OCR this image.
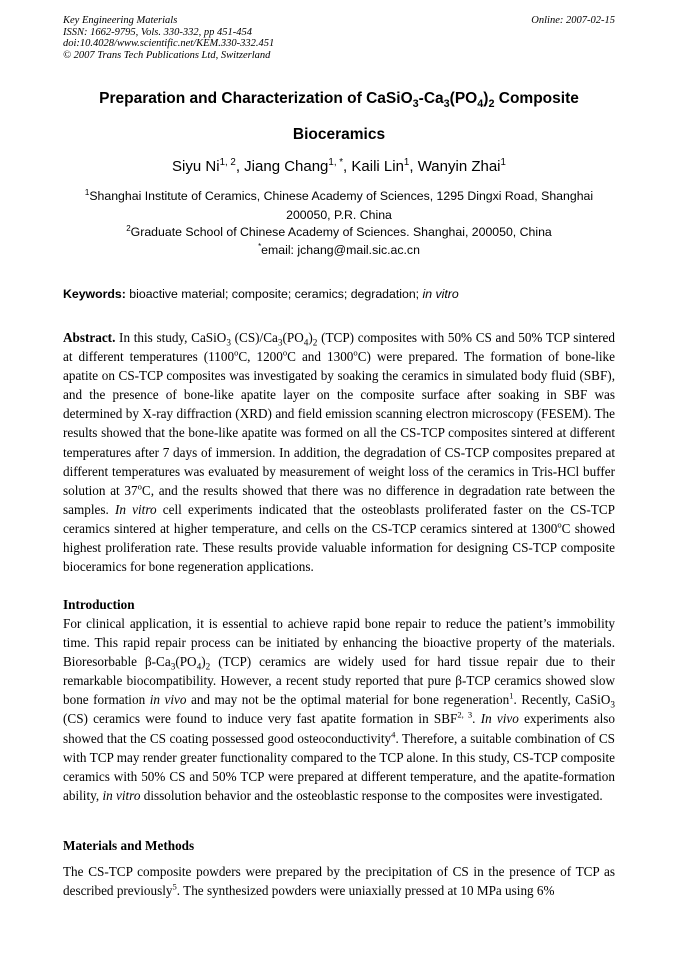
Key Engineering Materials
ISSN: 1662-9795, Vols. 330-332, pp 451-454
doi:10.4028/www.scientific.net/KEM.330-332.451
© 2007 Trans Tech Publications Ltd, Switzerland
Online: 2007-02-15
Preparation and Characterization of $CaSiO_3-Ca_3(PO_4)_2$ Composite
Bioceramics
Siyu Ni$^{1, 2}$, Jiang Chang$^{1, *}$, Kaili Lin$^1$, Wanyin Zhai$^1$
$^1$Shanghai Institute of Ceramics, Chinese Academy of Sciences, 1295 Dingxi Road, Shanghai
200050, P.R. China
$^2$Graduate School of Chinese Academy of Sciences. Shanghai, 200050, China
*email: jchang@mail.sic.ac.cn
Keywords: bioactive material; composite; ceramics; degradation; in vitro
Abstract. In this study, CaSiO$_3$ $(CS)/Ca_3(PO_4)_2$ (TCP) composites with 50% CS and 50% TCP sintered at different temperatures (1100$^o$C, 1200$^o$C and 1300$^o$C) were prepared. The formation of bone-like apatite on CS-TCP composites was investigated by soaking the ceramics in simulated body fluid (SBF), and the presence of bone-like apatite layer on the composite surface after soaking in SBF was determined by X-ray diffraction (XRD) and field emission scanning electron microscopy (FESEM). The results showed that the bone-like apatite was formed on all the CS-TCP composites sintered at different temperatures after 7 days of immersion. In addition, the degradation of CS-TCP composites prepared at different temperatures was evaluated by measurement of weight loss of the ceramics in Tris-HCl buffer solution at 37$^o$C, and the results showed that there was no difference in degradation rate between the samples. In vitro cell experiments indicated that the osteoblasts proliferated faster on the CS-TCP ceramics sintered at higher temperature, and cells on the CS-TCP ceramics sintered at 1300$^o$C showed highest proliferation rate. These results provide valuable information for designing CS-TCP composite bioceramics for bone regeneration applications.
Introduction
For clinical application, it is essential to achieve rapid bone repair to reduce the patient’s immobility time. This rapid repair process can be initiated by enhancing the bioactive property of the materials. Bioresorbable $\beta-Ca_3(PO_4)_2$ (TCP) ceramics are widely used for hard tissue repair due to their remarkable biocompatibility. However, a recent study reported that pure β-TCP ceramics showed slow bone formation in vivo and may not be the optimal material for bone regeneration$^1$. Recently, CaSiO$_3$ (CS) ceramics were found to induce very fast apatite formation in SBF$^{2, 3}$. In vivo experiments also showed that the CS coating possessed good osteoconductivity$^4$. Therefore, a suitable combination of CS with TCP may render greater functionality compared to the TCP alone. In this study, CS-TCP composite ceramics with 50% CS and 50% TCP were prepared at different temperature, and the apatite-formation ability, in vitro dissolution behavior and the osteoblastic response to the composites were investigated.
Materials and Methods
The CS-TCP composite powders were prepared by the precipitation of CS in the presence of TCP as described previously$^5$. The synthesized powders were uniaxially pressed at 10 MPa using 6%
